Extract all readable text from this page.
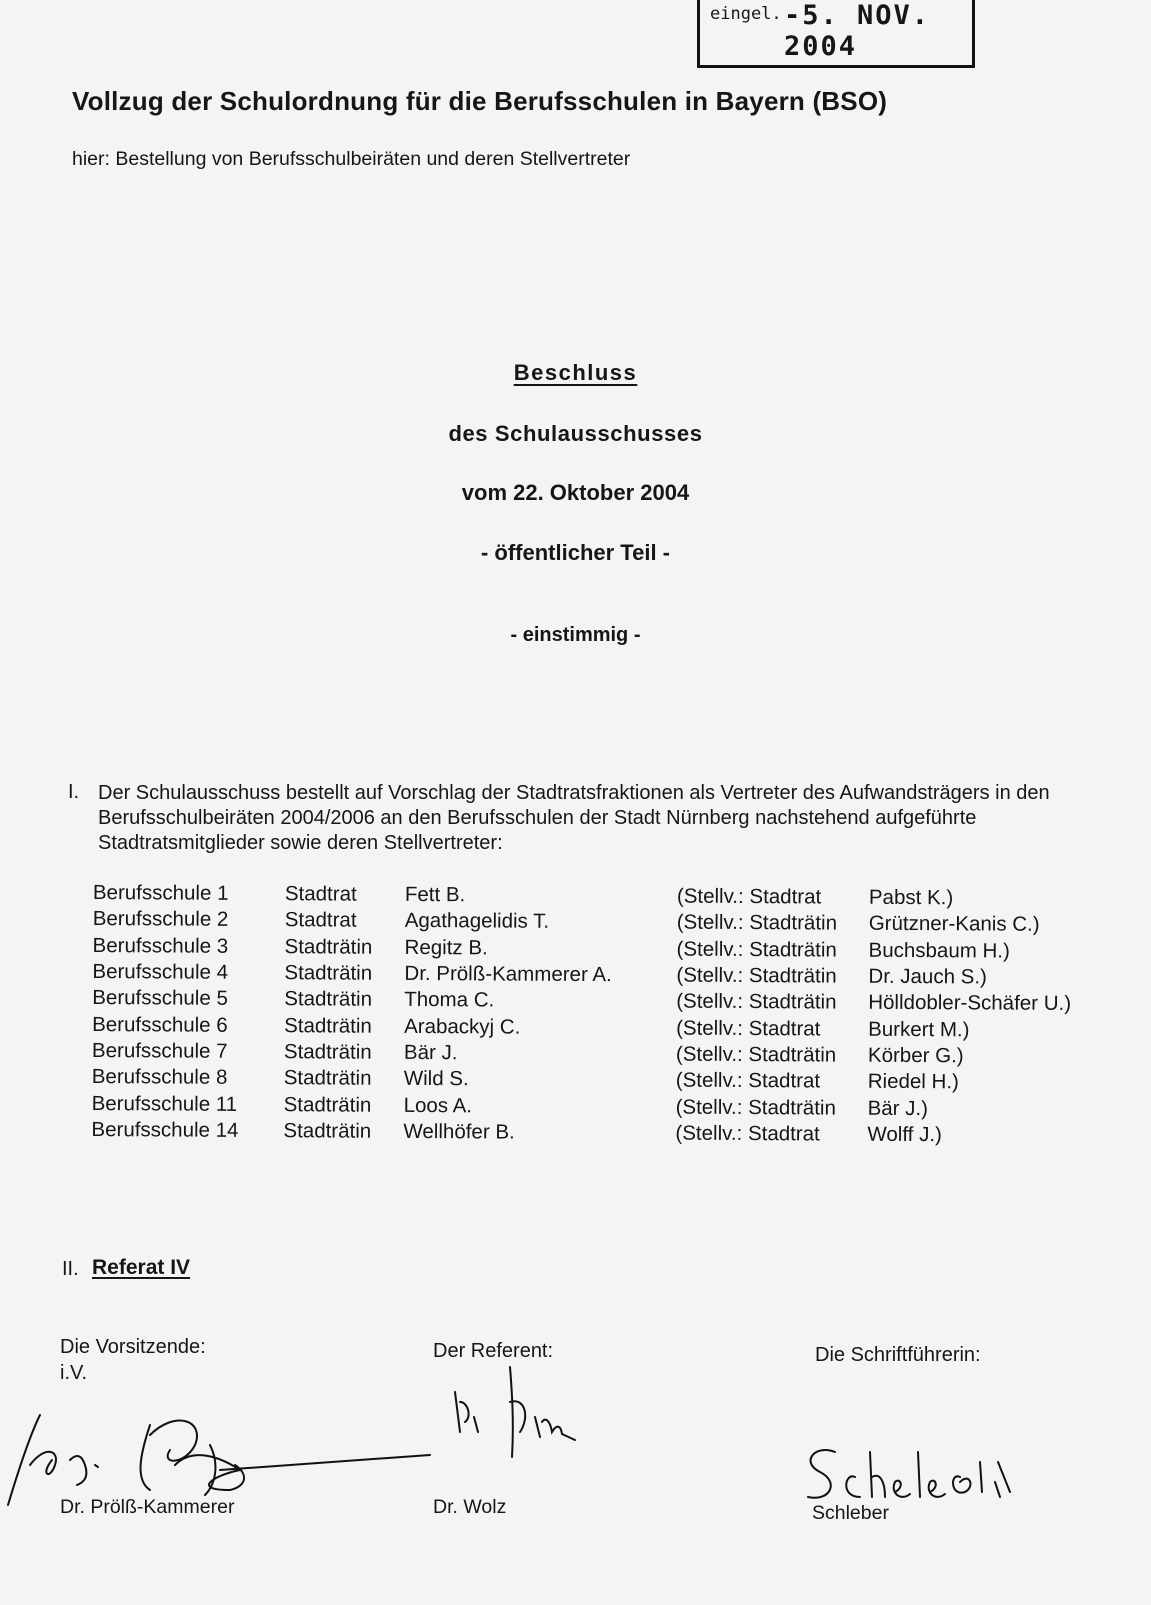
eingel. -5. NOV. 2004
Vollzug der Schulordnung für die Berufsschulen in Bayern (BSO)
hier: Bestellung von Berufsschulbeiräten und deren Stellvertreter
Beschluss
des Schulausschusses
vom 22. Oktober 2004
- öffentlicher Teil -
- einstimmig -
I. Der Schulausschuss bestellt auf Vorschlag der Stadtratsfraktionen als Vertreter des Aufwandsträgers in den Berufsschulbeiräten 2004/2006 an den Berufsschulen der Stadt Nürnberg nachstehend aufgeführte Stadtratsmitglieder sowie deren Stellvertreter:
Berufsschule 1	Stadtrat	Fett B.	(Stellv.: Stadtrat	Pabst K.)
Berufsschule 2	Stadtrat	Agathagelidis T.	(Stellv.: Stadträtin	Grützner-Kanis C.)
Berufsschule 3	Stadträtin	Regitz B.	(Stellv.: Stadträtin	Buchsbaum H.)
Berufsschule 4	Stadträtin	Dr. Prölß-Kammerer A.	(Stellv.: Stadträtin	Dr. Jauch S.)
Berufsschule 5	Stadträtin	Thoma C.	(Stellv.: Stadträtin	Hölldobler-Schäfer U.)
Berufsschule 6	Stadträtin	Arabackyj C.	(Stellv.: Stadtrat	Burkert M.)
Berufsschule 7	Stadträtin	Bär J.	(Stellv.: Stadträtin	Körber G.)
Berufsschule 8	Stadträtin	Wild S.	(Stellv.: Stadtrat	Riedel H.)
Berufsschule 11	Stadträtin	Loos A.	(Stellv.: Stadträtin	Bär J.)
Berufsschule 14	Stadträtin	Wellhöfer B.	(Stellv.: Stadtrat	Wolff J.)
II. Referat IV
Die Vorsitzende:
i.V.
Dr. Prölß-Kammerer
Der Referent:
Dr. Wolz
Die Schriftführerin:
Schleber
